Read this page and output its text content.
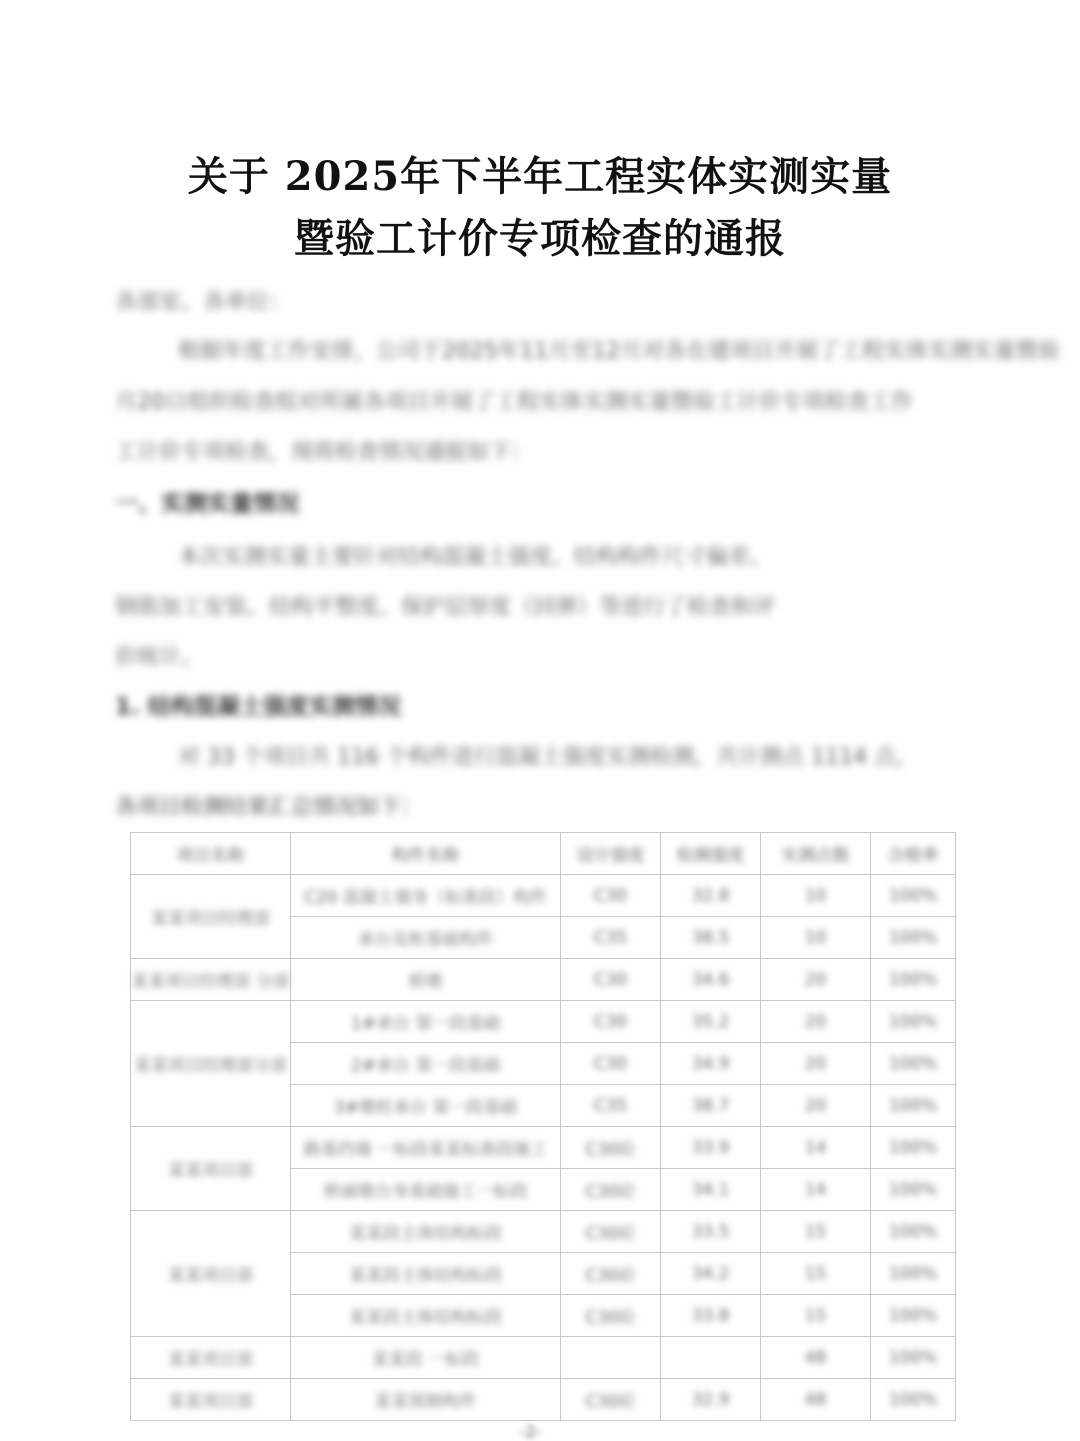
关于 2025年下半年工程实体实测实量
暨验工计价专项检查的通报
各部室、各单位：
根据年度工作安排，公司于2025年11月至12月对各在建项目开展了工程实体实测实量暨验
月20日组织检查组对所属各项目开展了工程实体实测实量暨验工计价专项检查工作
工计价专项检查，现将检查情况通报如下：
一、实测实量情况
本次实测实量主要针对结构混凝土强度、结构构件尺寸偏差、
钢筋加工安装、结构平整度、保护层厚度（回弹）等进行了检查和评
价统计。
1. 结构混凝土强度实测情况
对 33 个项目共 116 个构件进行混凝土强度实测检测，共计测点 1114 点，
各项目检测结果汇总情况如下：
项目名称	构件名称	设计强度	检测强度	实测点数	合格率
某某项目经理部	C20 混凝土墙身（标准段）构件	C30	32.8	10	100%
	承台及桩基础构件	C35	38.5	10	100%
某某项目经理部 分部	桥墩	C30	34.6	20	100%
某某项目经理部分部	1#承台 第一段基础	C30	35.2	20	100%
	2#承台 第一段基础	C30	34.9	20	100%
	3#墩柱承台 第一段基础	C35	38.7	20	100%
某某项目部	路基挡墙 一标段某某标准段施工	C30砼	33.9	14	100%
	桥涵墩台身基础施工一标段	C30砼	34.1	14	100%
某某项目部	某某段主体结构标段	C30砼	33.5	15	100%
	某某段主体结构标段	C30砼	34.2	15	100%
	某某段主体结构标段	C30砼	33.8	15	100%
某某项目部	某某段 一标段			48	100%
某某项目部	某某预制构件	C30砼	32.9	48	100%
-2-
